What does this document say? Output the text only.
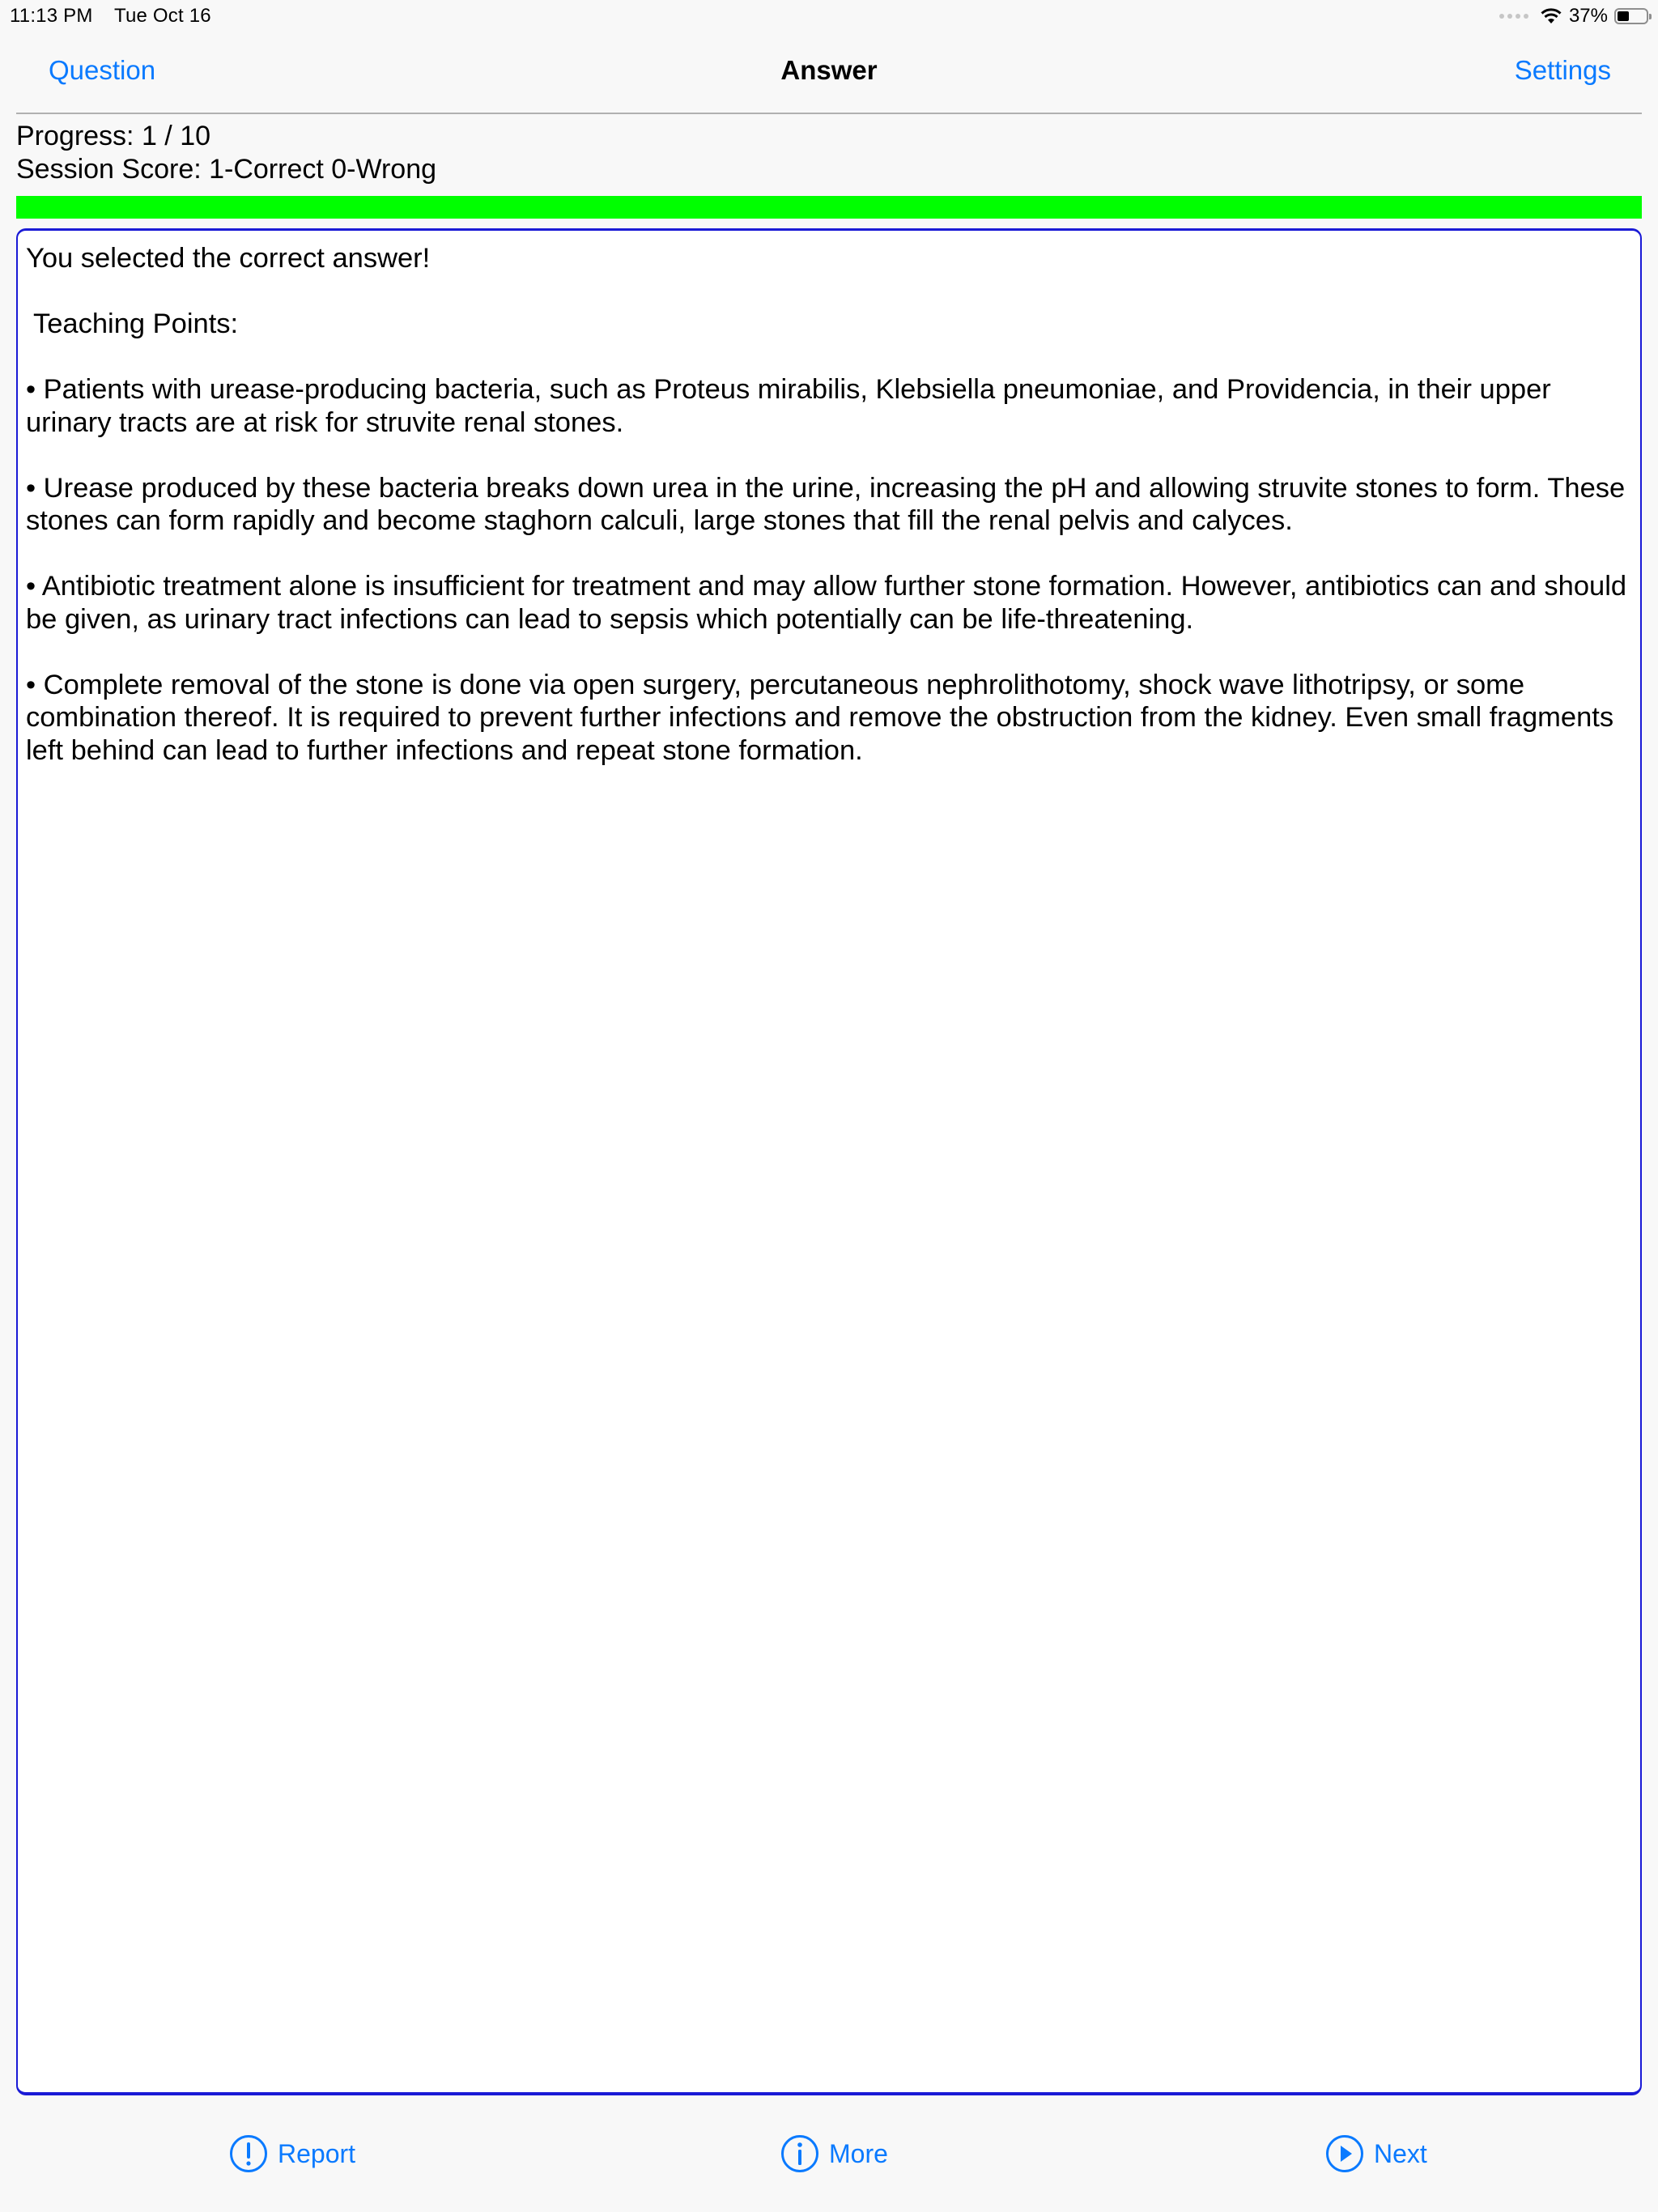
11:13 PM Tue Oct 16	37%
Question	Answer	Settings
Progress: 1 / 10
Session Score: 1-Correct 0-Wrong

You selected the correct answer!

Teaching Points:

• Patients with urease-producing bacteria, such as Proteus mirabilis, Klebsiella pneumoniae, and Providencia, in their upper urinary tracts are at risk for struvite renal stones.

• Urease produced by these bacteria breaks down urea in the urine, increasing the pH and allowing struvite stones to form. These stones can form rapidly and become staghorn calculi, large stones that fill the renal pelvis and calyces.

• Antibiotic treatment alone is insufficient for treatment and may allow further stone formation. However, antibiotics can and should be given, as urinary tract infections can lead to sepsis which potentially can be life-threatening.

• Complete removal of the stone is done via open surgery, percutaneous nephrolithotomy, shock wave lithotripsy, or some combination thereof. It is required to prevent further infections and remove the obstruction from the kidney. Even small fragments left behind can lead to further infections and repeat stone formation.

Report	More	Next
